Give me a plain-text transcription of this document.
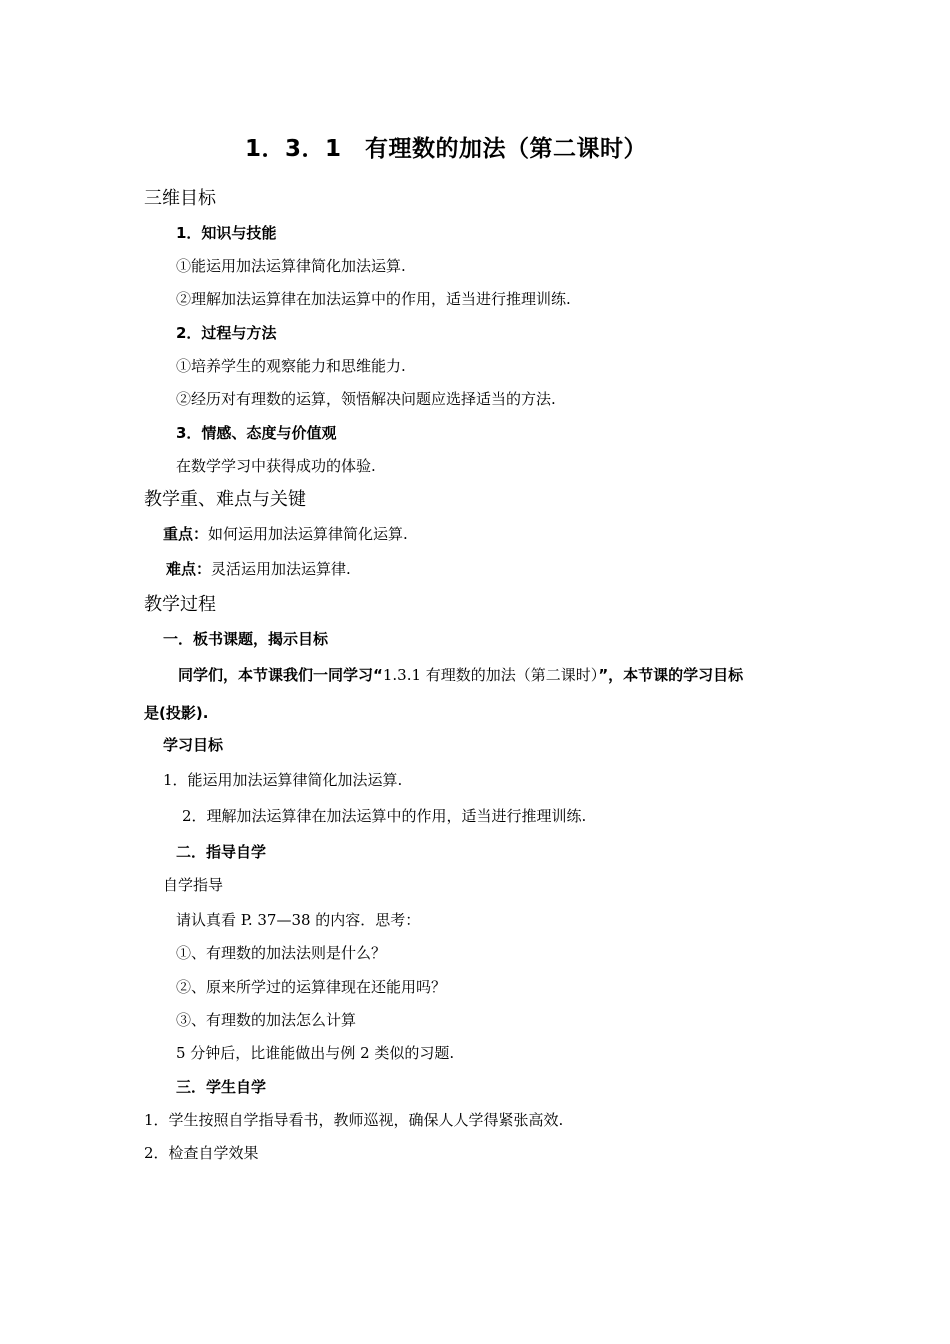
1．3．1　有理数的加法（第二课时）
三维目标
1．知识与技能
①能运用加法运算律简化加法运算.
②理解加法运算律在加法运算中的作用，适当进行推理训练.
2．过程与方法
①培养学生的观察能力和思维能力.
②经历对有理数的运算，领悟解决问题应选择适当的方法.
3．情感、态度与价值观
在数学学习中获得成功的体验.
教学重、难点与关键
重点：如何运用加法运算律简化运算.
难点：灵活运用加法运算律.
教学过程
一．板书课题，揭示目标
同学们，本节课我们一同学习“1.3.1 有理数的加法（第二课时）”，本节课的学习目标
是(投影).
学习目标
1．能运用加法运算律简化加法运算.
2．理解加法运算律在加法运算中的作用，适当进行推理训练.
二．指导自学
自学指导
请认真看 P. 37—38 的内容．思考：
①、有理数的加法法则是什么？
②、原来所学过的运算律现在还能用吗？
③、有理数的加法怎么计算
5 分钟后，比谁能做出与例 2 类似的习题.
三．学生自学
1．学生按照自学指导看书，教师巡视，确保人人学得紧张高效.
2．检查自学效果
